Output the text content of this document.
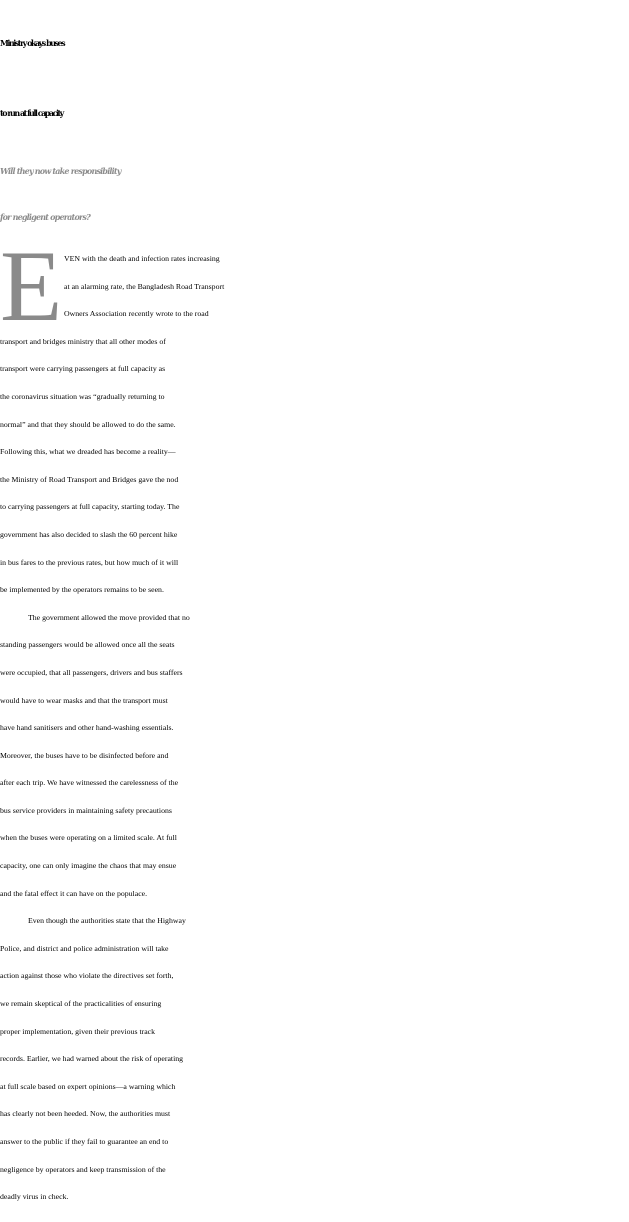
Ministry okays buses
to run at full capacity
Will they now take responsibility
for negligent operators?
E VEN with the death and infection rates increasing
at an alarming rate, the Bangladesh Road Transport
Owners Association recently wrote to the road
transport and bridges ministry that all other modes of
transport were carrying passengers at full capacity as
the coronavirus situation was “gradually returning to
normal” and that they should be allowed to do the same.
Following this, what we dreaded has become a reality—
the Ministry of Road Transport and Bridges gave the nod
to carrying passengers at full capacity, starting today. The
government has also decided to slash the 60 percent hike
in bus fares to the previous rates, but how much of it will
be implemented by the operators remains to be seen.

The government allowed the move provided that no
standing passengers would be allowed once all the seats
were occupied, that all passengers, drivers and bus staffers
would have to wear masks and that the transport must
have hand sanitisers and other hand-washing essentials.
Moreover, the buses have to be disinfected before and
after each trip. We have witnessed the carelessness of the
bus service providers in maintaining safety precautions
when the buses were operating on a limited scale. At full
capacity, one can only imagine the chaos that may ensue
and the fatal effect it can have on the populace.

Even though the authorities state that the Highway
Police, and district and police administration will take
action against those who violate the directives set forth,
we remain skeptical of the practicalities of ensuring
proper implementation, given their previous track
records. Earlier, we had warned about the risk of operating
at full scale based on expert opinions—a warning which
has clearly not been heeded. Now, the authorities must
answer to the public if they fail to guarantee an end to
negligence by operators and keep transmission of the
deadly virus in check.
